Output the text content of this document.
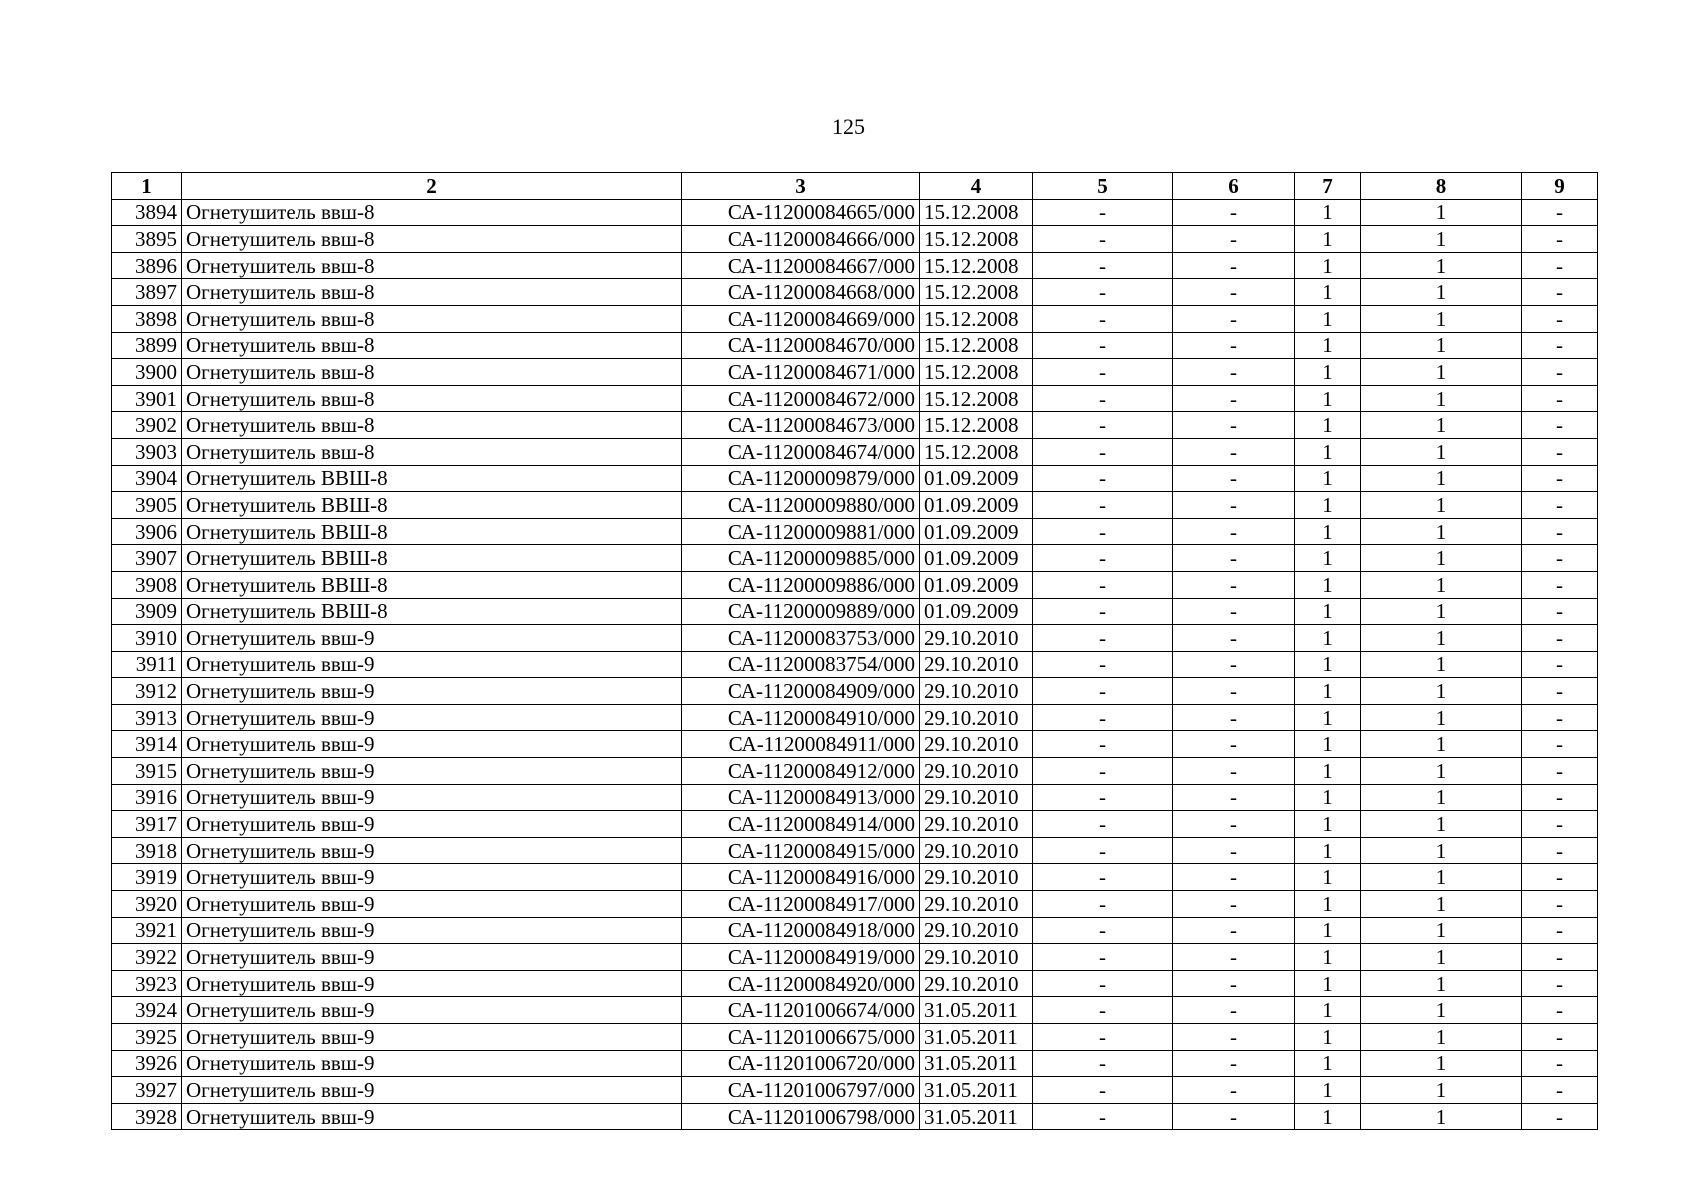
125
1	2	3	4	5	6	7	8	9
3894	Огнетушитель ввш-8	СА-11200084665/000	15.12.2008	-	-	1	1	-
3895	Огнетушитель ввш-8	СА-11200084666/000	15.12.2008	-	-	1	1	-
3896	Огнетушитель ввш-8	СА-11200084667/000	15.12.2008	-	-	1	1	-
3897	Огнетушитель ввш-8	СА-11200084668/000	15.12.2008	-	-	1	1	-
3898	Огнетушитель ввш-8	СА-11200084669/000	15.12.2008	-	-	1	1	-
3899	Огнетушитель ввш-8	СА-11200084670/000	15.12.2008	-	-	1	1	-
3900	Огнетушитель ввш-8	СА-11200084671/000	15.12.2008	-	-	1	1	-
3901	Огнетушитель ввш-8	СА-11200084672/000	15.12.2008	-	-	1	1	-
3902	Огнетушитель ввш-8	СА-11200084673/000	15.12.2008	-	-	1	1	-
3903	Огнетушитель ввш-8	СА-11200084674/000	15.12.2008	-	-	1	1	-
3904	Огнетушитель ВВШ-8	СА-11200009879/000	01.09.2009	-	-	1	1	-
3905	Огнетушитель ВВШ-8	СА-11200009880/000	01.09.2009	-	-	1	1	-
3906	Огнетушитель ВВШ-8	СА-11200009881/000	01.09.2009	-	-	1	1	-
3907	Огнетушитель ВВШ-8	СА-11200009885/000	01.09.2009	-	-	1	1	-
3908	Огнетушитель ВВШ-8	СА-11200009886/000	01.09.2009	-	-	1	1	-
3909	Огнетушитель ВВШ-8	СА-11200009889/000	01.09.2009	-	-	1	1	-
3910	Огнетушитель ввш-9	СА-11200083753/000	29.10.2010	-	-	1	1	-
3911	Огнетушитель ввш-9	СА-11200083754/000	29.10.2010	-	-	1	1	-
3912	Огнетушитель ввш-9	СА-11200084909/000	29.10.2010	-	-	1	1	-
3913	Огнетушитель ввш-9	СА-11200084910/000	29.10.2010	-	-	1	1	-
3914	Огнетушитель ввш-9	СА-11200084911/000	29.10.2010	-	-	1	1	-
3915	Огнетушитель ввш-9	СА-11200084912/000	29.10.2010	-	-	1	1	-
3916	Огнетушитель ввш-9	СА-11200084913/000	29.10.2010	-	-	1	1	-
3917	Огнетушитель ввш-9	СА-11200084914/000	29.10.2010	-	-	1	1	-
3918	Огнетушитель ввш-9	СА-11200084915/000	29.10.2010	-	-	1	1	-
3919	Огнетушитель ввш-9	СА-11200084916/000	29.10.2010	-	-	1	1	-
3920	Огнетушитель ввш-9	СА-11200084917/000	29.10.2010	-	-	1	1	-
3921	Огнетушитель ввш-9	СА-11200084918/000	29.10.2010	-	-	1	1	-
3922	Огнетушитель ввш-9	СА-11200084919/000	29.10.2010	-	-	1	1	-
3923	Огнетушитель ввш-9	СА-11200084920/000	29.10.2010	-	-	1	1	-
3924	Огнетушитель ввш-9	СА-11201006674/000	31.05.2011	-	-	1	1	-
3925	Огнетушитель ввш-9	СА-11201006675/000	31.05.2011	-	-	1	1	-
3926	Огнетушитель ввш-9	СА-11201006720/000	31.05.2011	-	-	1	1	-
3927	Огнетушитель ввш-9	СА-11201006797/000	31.05.2011	-	-	1	1	-
3928	Огнетушитель ввш-9	СА-11201006798/000	31.05.2011	-	-	1	1	-
